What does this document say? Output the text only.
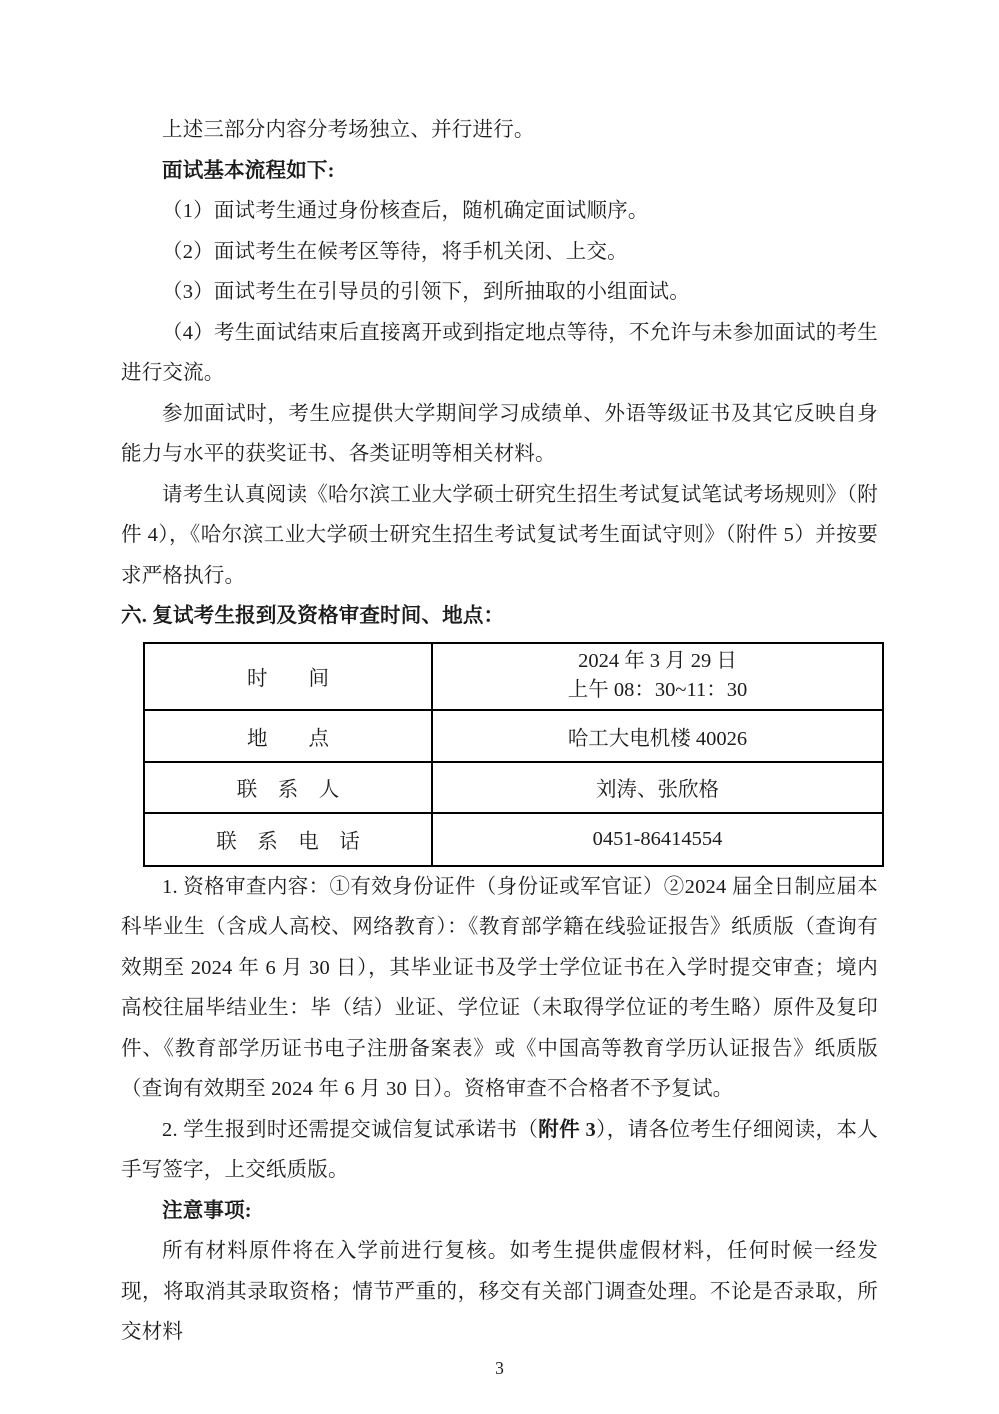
上述三部分内容分考场独立、并行进行。

面试基本流程如下:

（1）面试考生通过身份核查后，随机确定面试顺序。

（2）面试考生在候考区等待，将手机关闭、上交。

（3）面试考生在引导员的引领下，到所抽取的小组面试。

（4）考生面试结束后直接离开或到指定地点等待，不允许与未参加面试的考生进行交流。

参加面试时，考生应提供大学期间学习成绩单、外语等级证书及其它反映自身能力与水平的获奖证书、各类证明等相关材料。

请考生认真阅读《哈尔滨工业大学硕士研究生招生考试复试笔试考场规则》（附件 4），《哈尔滨工业大学硕士研究生招生考试复试考生面试守则》（附件 5）并按要求严格执行。

六. 复试考生报到及资格审查时间、地点：

时　　间	2024 年 3 月 29 日
上午 08：30~11：30

地　　点	哈工大电机楼 40026
联　系　人	刘涛、张欣格
联　系　电　话	0451-86414554

1. 资格审查内容：①有效身份证件（身份证或军官证）②2024 届全日制应届本科毕业生（含成人高校、网络教育）：《教育部学籍在线验证报告》纸质版（查询有效期至 2024 年 6 月 30 日），其毕业证书及学士学位证书在入学时提交审查；境内高校往届毕结业生：毕（结）业证、学位证（未取得学位证的考生略）原件及复印件、《教育部学历证书电子注册备案表》或《中国高等教育学历认证报告》纸质版（查询有效期至 2024 年 6 月 30 日）。资格审查不合格者不予复试。

2. 学生报到时还需提交诚信复试承诺书（附件 3），请各位考生仔细阅读，本人手写签字，上交纸质版。

注意事项:

所有材料原件将在入学前进行复核。如考生提供虚假材料，任何时候一经发现，将取消其录取资格；情节严重的，移交有关部门调查处理。不论是否录取，所交材料

3
